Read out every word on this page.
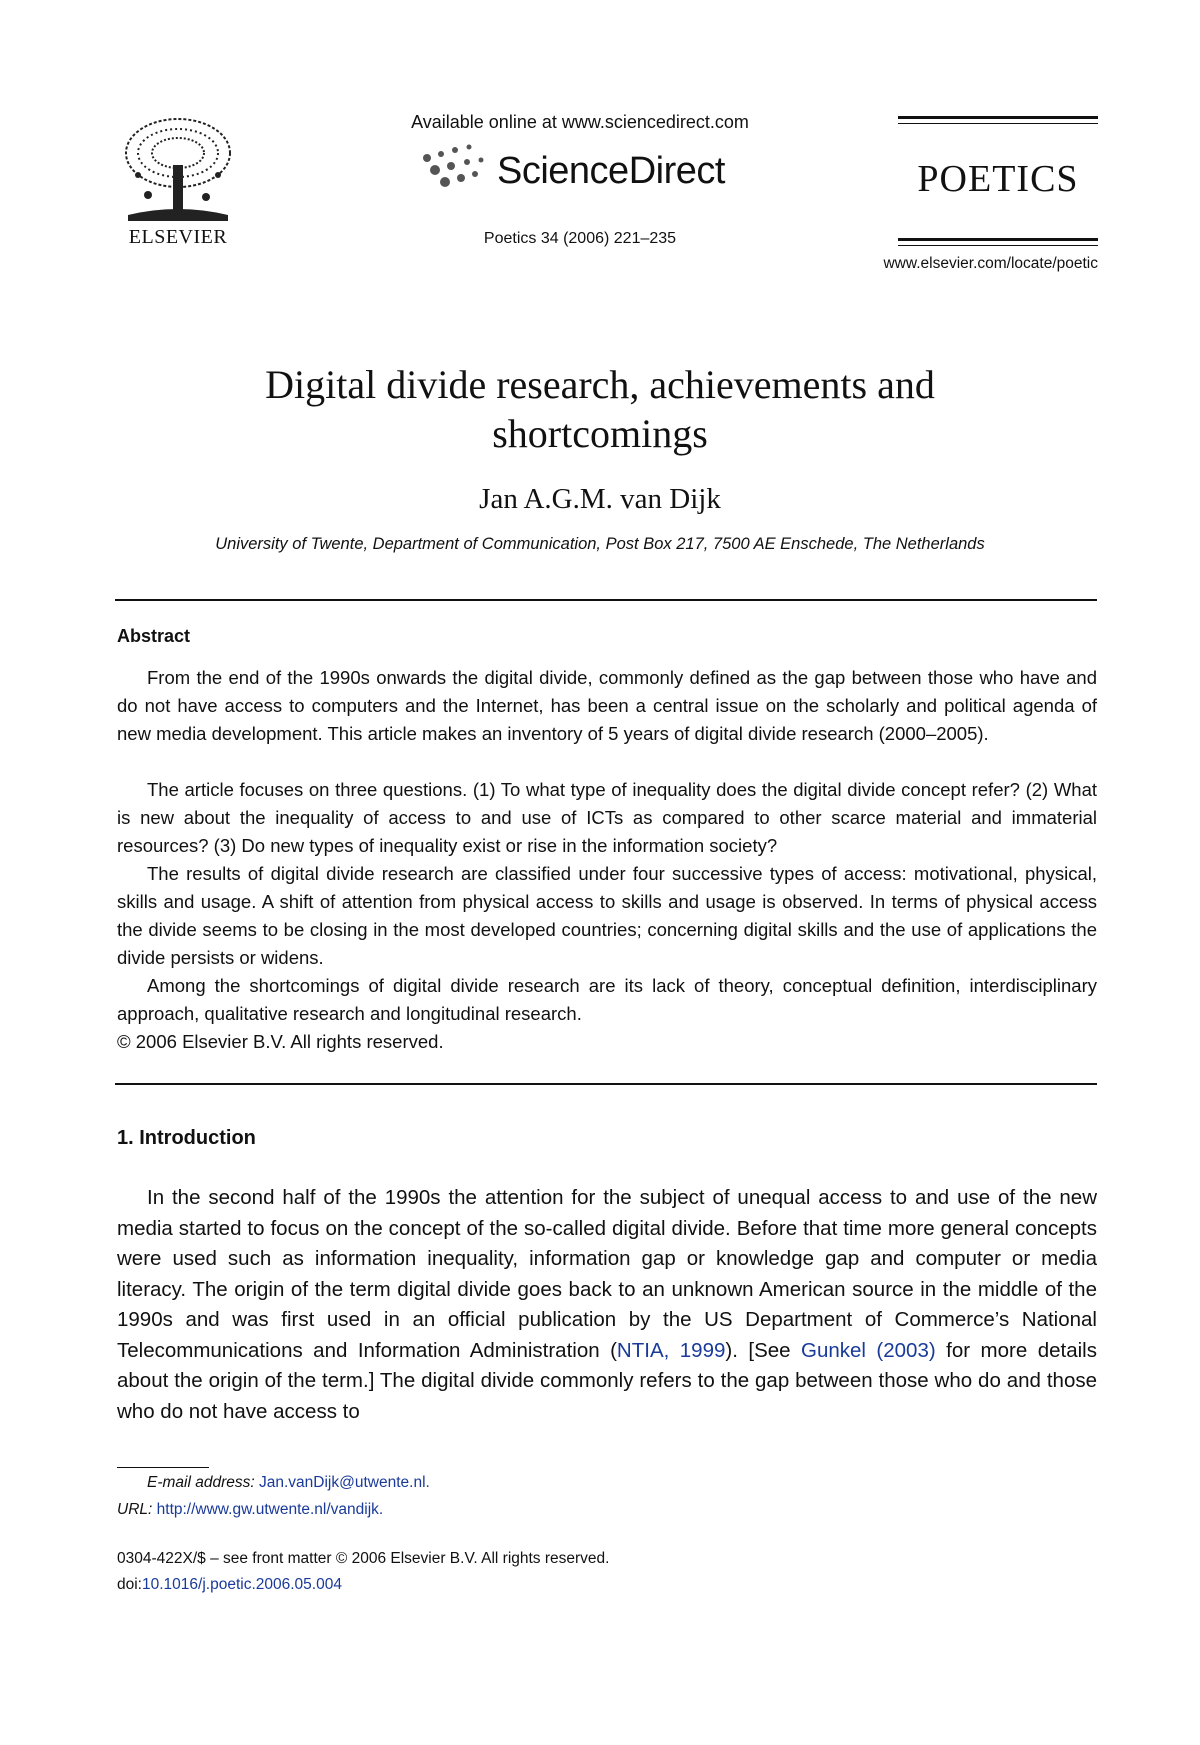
ELSEVIER
Available online at www.sciencedirect.com
ScienceDirect
Poetics 34 (2006) 221–235
POETICS
www.elsevier.com/locate/poetic
Digital divide research, achievements and
shortcomings
Jan A.G.M. van Dijk
University of Twente, Department of Communication, Post Box 217, 7500 AE Enschede, The Netherlands
Abstract
From the end of the 1990s onwards the digital divide, commonly defined as the gap between those who have and do not have access to computers and the Internet, has been a central issue on the scholarly and political agenda of new media development. This article makes an inventory of 5 years of digital divide research (2000–2005).
The article focuses on three questions. (1) To what type of inequality does the digital divide concept refer? (2) What is new about the inequality of access to and use of ICTs as compared to other scarce material and immaterial resources? (3) Do new types of inequality exist or rise in the information society?
The results of digital divide research are classified under four successive types of access: motivational, physical, skills and usage. A shift of attention from physical access to skills and usage is observed. In terms of physical access the divide seems to be closing in the most developed countries; concerning digital skills and the use of applications the divide persists or widens.
Among the shortcomings of digital divide research are its lack of theory, conceptual definition, interdisciplinary approach, qualitative research and longitudinal research.
© 2006 Elsevier B.V. All rights reserved.
1. Introduction
In the second half of the 1990s the attention for the subject of unequal access to and use of the new media started to focus on the concept of the so-called digital divide. Before that time more general concepts were used such as information inequality, information gap or knowledge gap and computer or media literacy. The origin of the term digital divide goes back to an unknown American source in the middle of the 1990s and was first used in an official publication by the US Department of Commerce’s National Telecommunications and Information Administration (NTIA, 1999). [See Gunkel (2003) for more details about the origin of the term.] The digital divide commonly refers to the gap between those who do and those who do not have access to
E-mail address: Jan.vanDijk@utwente.nl.
URL: http://www.gw.utwente.nl/vandijk.
0304-422X/$ – see front matter © 2006 Elsevier B.V. All rights reserved.
doi:10.1016/j.poetic.2006.05.004
